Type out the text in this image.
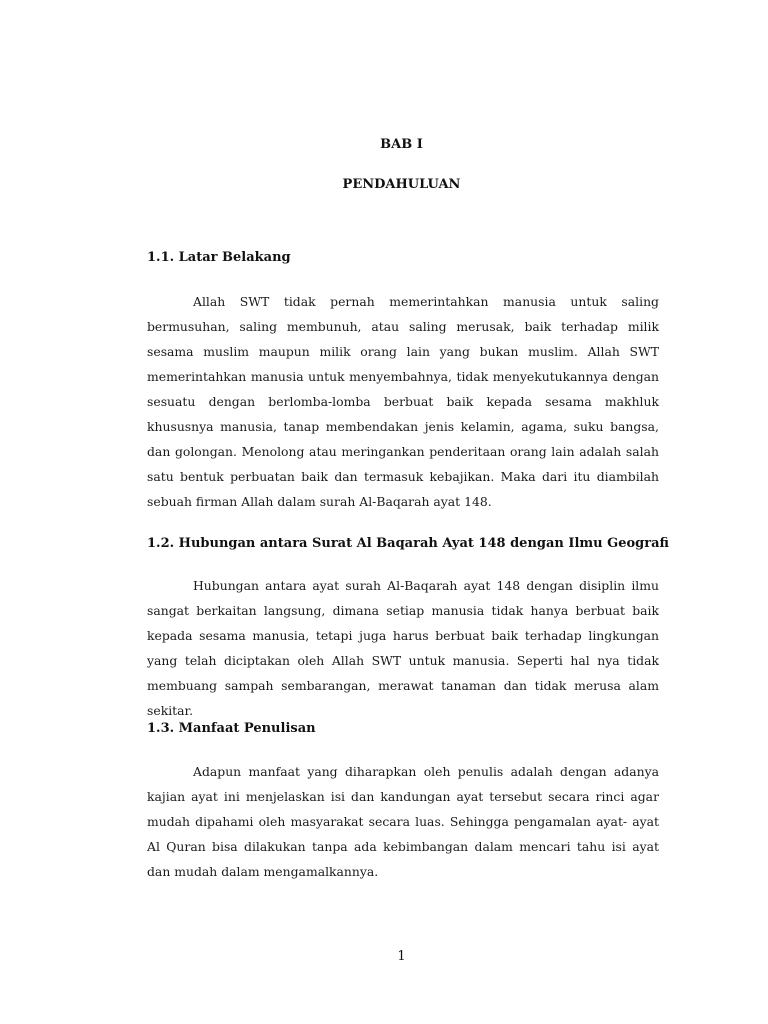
BAB I
PENDAHULUAN
1.1. Latar Belakang

Allah SWT tidak pernah memerintahkan manusia untuk saling bermusuhan, saling membunuh, atau saling merusak, baik terhadap milik sesama muslim maupun milik orang lain yang bukan muslim. Allah SWT memerintahkan manusia untuk menyembahnya, tidak menyekutukannya dengan sesuatu dengan berlomba-lomba berbuat baik kepada sesama makhluk khususnya manusia, tanap membendakan jenis kelamin, agama, suku bangsa, dan golongan. Menolong atau meringankan penderitaan orang lain adalah salah satu bentuk perbuatan baik dan termasuk kebajikan. Maka dari itu diambilah sebuah firman Allah dalam surah Al-Baqarah ayat 148.

1.2. Hubungan antara Surat Al Baqarah Ayat 148 dengan Ilmu Geografi

Hubungan antara ayat surah Al-Baqarah ayat 148 dengan disiplin ilmu sangat berkaitan langsung, dimana setiap manusia tidak hanya berbuat baik kepada sesama manusia, tetapi juga harus berbuat baik terhadap lingkungan yang telah diciptakan oleh Allah SWT untuk manusia. Seperti hal nya tidak membuang sampah sembarangan, merawat tanaman dan tidak merusa alam sekitar.

1.3. Manfaat Penulisan

Adapun manfaat yang diharapkan oleh penulis adalah dengan adanya kajian ayat ini menjelaskan isi dan kandungan ayat tersebut secara rinci agar mudah dipahami oleh masyarakat secara luas. Sehingga pengamalan ayat- ayat Al Quran bisa dilakukan tanpa ada kebimbangan dalam mencari tahu isi ayat dan mudah dalam mengamalkannya.

1
